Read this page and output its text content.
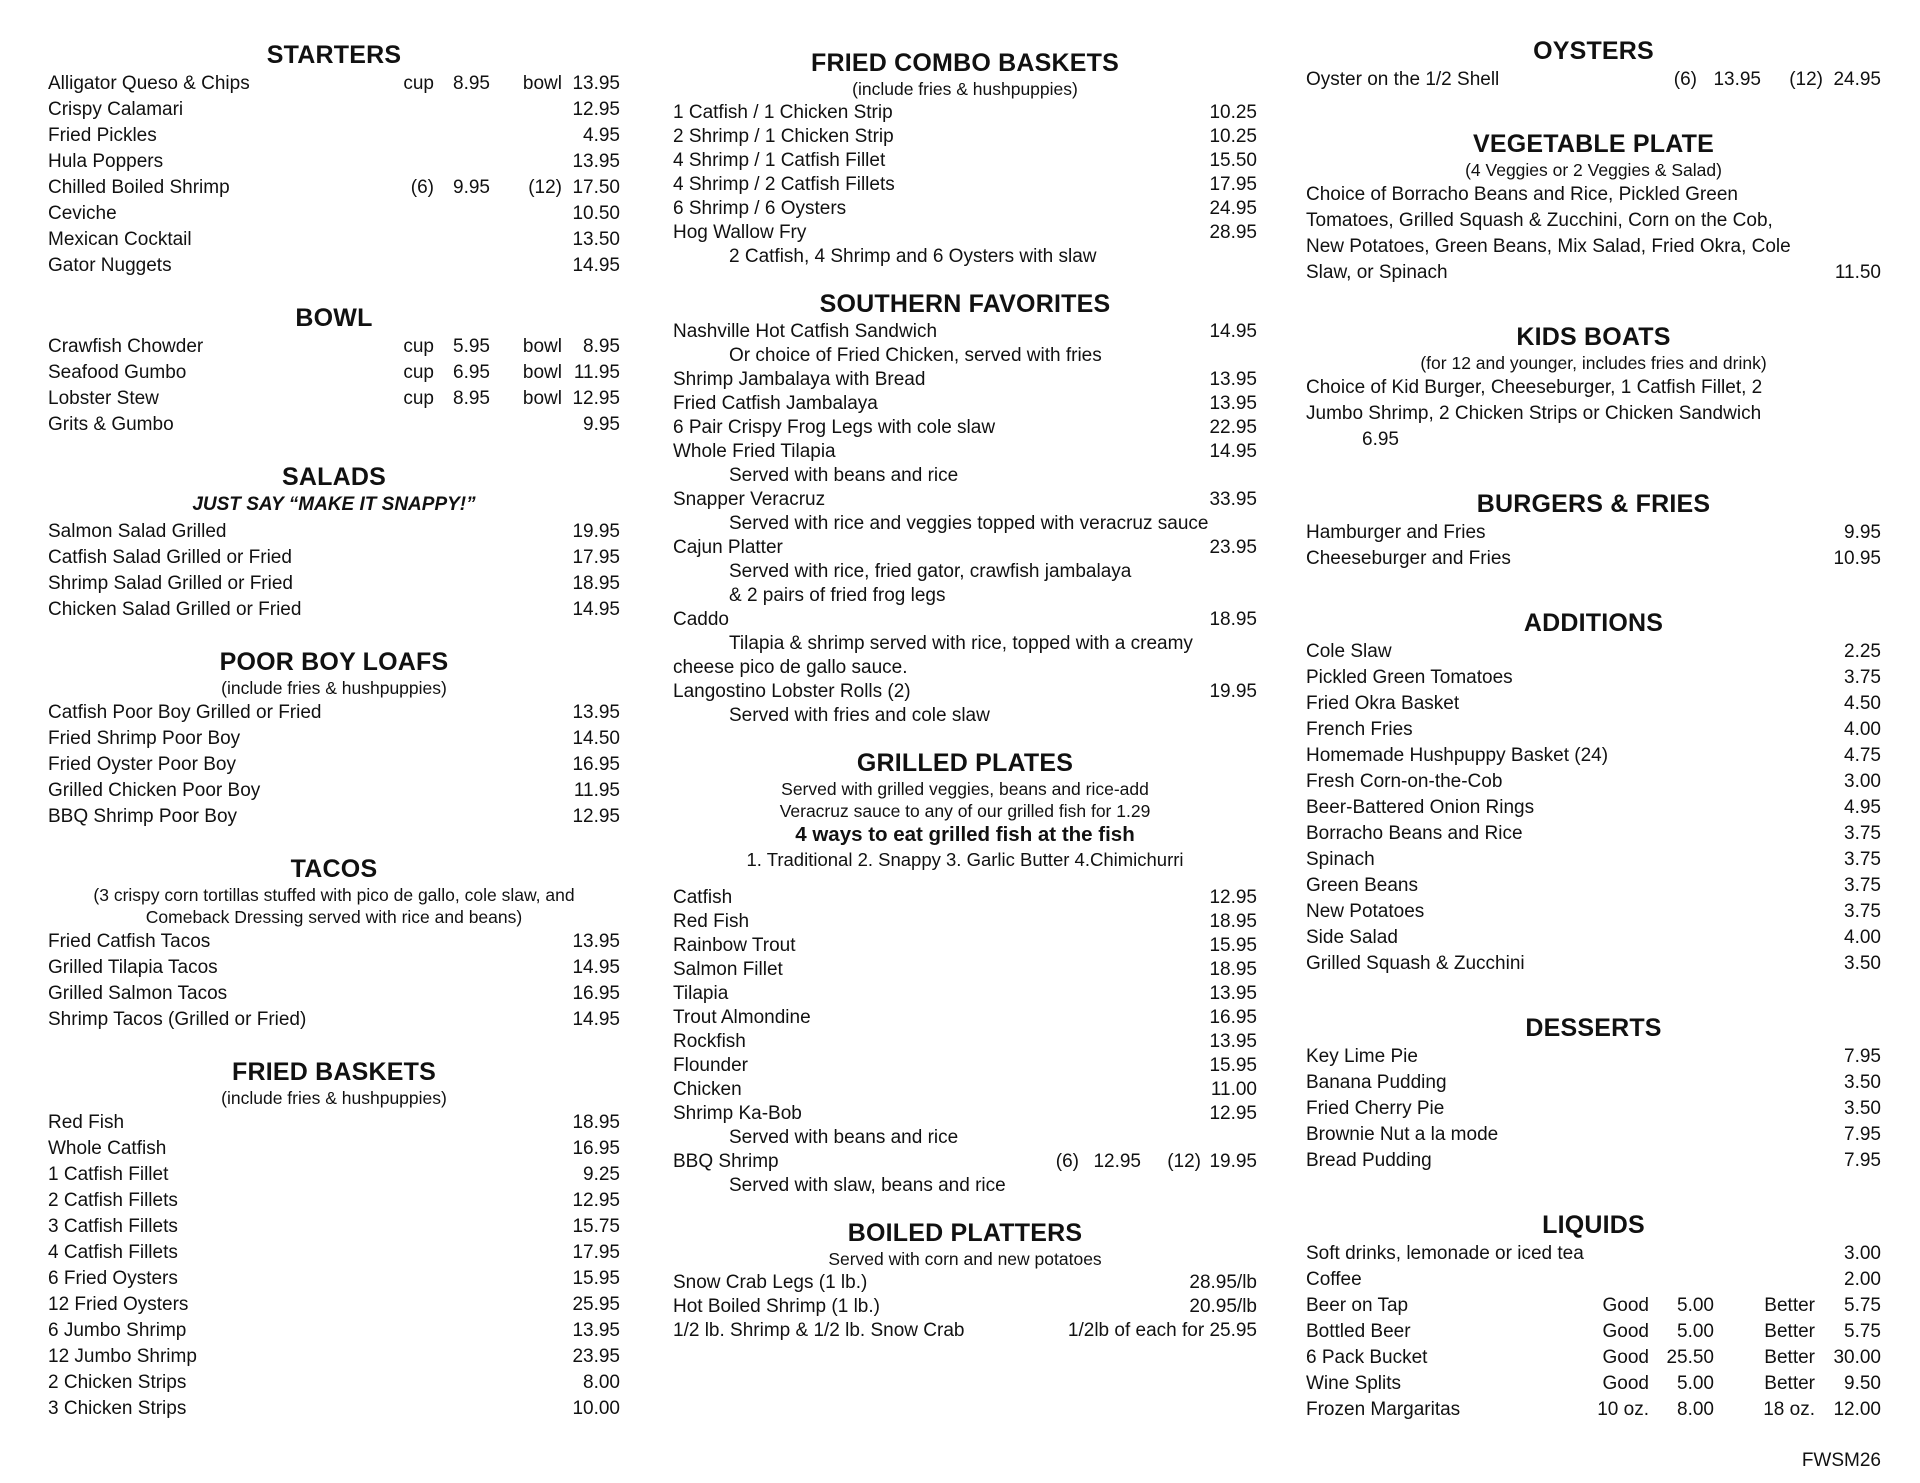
STARTERS
Alligator Queso & Chips	cup	8.95	bowl 13.95
Crispy Calamari	12.95
Fried Pickles	4.95
Hula Poppers	13.95
Chilled Boiled Shrimp	(6)	9.95	(12) 17.50
Ceviche	10.50
Mexican Cocktail	13.50
Gator Nuggets	14.95
BOWL
Crawfish Chowder	cup	5.95	bowl	8.95
Seafood Gumbo	cup	6.95	bowl 11.95
Lobster Stew	cup	8.95	bowl 12.95
Grits & Gumbo	9.95
SALADS
JUST SAY “MAKE IT SNAPPY!”
Salmon Salad Grilled	19.95
Catfish Salad Grilled or Fried	17.95
Shrimp Salad Grilled or Fried	18.95
Chicken Salad Grilled or Fried	14.95
POOR BOY LOAFS
(include fries & hushpuppies)
Catfish Poor Boy Grilled or Fried	13.95
Fried Shrimp Poor Boy	14.50
Fried Oyster Poor Boy	16.95
Grilled Chicken Poor Boy	11.95
BBQ Shrimp Poor Boy	12.95
TACOS
(3 crispy corn tortillas stuffed with pico de gallo, cole slaw, and
Comeback Dressing served with rice and beans)
Fried Catfish Tacos	13.95
Grilled Tilapia Tacos	14.95
Grilled Salmon Tacos	16.95
Shrimp Tacos (Grilled or Fried)	14.95
FRIED BASKETS
(include fries & hushpuppies)
Red Fish	18.95
Whole Catfish	16.95
1 Catfish Fillet	9.25
2 Catfish Fillets	12.95
3 Catfish Fillets	15.75
4 Catfish Fillets	17.95
6 Fried Oysters	15.95
12 Fried Oysters	25.95
6 Jumbo Shrimp	13.95
12 Jumbo Shrimp	23.95
2 Chicken Strips	8.00
3 Chicken Strips	10.00
FRIED COMBO BASKETS
(include fries & hushpuppies)
1 Catfish / 1 Chicken Strip	10.25
2 Shrimp / 1 Chicken Strip	10.25
4 Shrimp / 1 Catfish Fillet	15.50
4 Shrimp / 2 Catfish Fillets	17.95
6 Shrimp / 6 Oysters	24.95
Hog Wallow Fry	28.95
2 Catfish, 4 Shrimp and 6 Oysters with slaw
SOUTHERN FAVORITES
Nashville Hot Catfish Sandwich	14.95
Or choice of Fried Chicken, served with fries
Shrimp Jambalaya with Bread	13.95
Fried Catfish Jambalaya	13.95
6 Pair Crispy Frog Legs with cole slaw	22.95
Whole Fried Tilapia	14.95
Served with beans and rice
Snapper Veracruz	33.95
Served with rice and veggies topped with veracruz sauce
Cajun Platter	23.95
Served with rice, fried gator, crawfish jambalaya
& 2 pairs of fried frog legs
Caddo	18.95
Tilapia & shrimp served with rice, topped with a creamy
cheese pico de gallo sauce.
Langostino Lobster Rolls (2)	19.95
Served with fries and cole slaw
GRILLED PLATES
Served with grilled veggies, beans and rice-add
Veracruz sauce to any of our grilled fish for 1.29
4 ways to eat grilled fish at the fish
1. Traditional 2. Snappy 3. Garlic Butter 4.Chimichurri
Catfish	12.95
Red Fish	18.95
Rainbow Trout	15.95
Salmon Fillet	18.95
Tilapia	13.95
Trout Almondine	16.95
Rockfish	13.95
Flounder	15.95
Chicken	11.00
Shrimp Ka-Bob	12.95
Served with beans and rice
BBQ Shrimp	(6) 12.95	(12) 19.95
Served with slaw, beans and rice
BOILED PLATTERS
Served with corn and new potatoes
Snow Crab Legs (1 lb.)	28.95/lb
Hot Boiled Shrimp (1 lb.)	20.95/lb
1/2 lb. Shrimp & 1/2 lb. Snow Crab	1/2lb of each for 25.95
OYSTERS
Oyster on the 1/2 Shell	(6) 13.95	(12) 24.95
VEGETABLE PLATE
(4 Veggies or 2 Veggies & Salad)
Choice of Borracho Beans and Rice, Pickled Green
Tomatoes, Grilled Squash & Zucchini, Corn on the Cob,
New Potatoes, Green Beans, Mix Salad, Fried Okra, Cole
Slaw, or Spinach	11.50
KIDS BOATS
(for 12 and younger, includes fries and drink)
Choice of Kid Burger, Cheeseburger, 1 Catfish Fillet, 2
Jumbo Shrimp, 2 Chicken Strips or Chicken Sandwich
6.95
BURGERS & FRIES
Hamburger and Fries	9.95
Cheeseburger and Fries	10.95
ADDITIONS
Cole Slaw	2.25
Pickled Green Tomatoes	3.75
Fried Okra Basket	4.50
French Fries	4.00
Homemade Hushpuppy Basket (24)	4.75
Fresh Corn-on-the-Cob	3.00
Beer-Battered Onion Rings	4.95
Borracho Beans and Rice	3.75
Spinach	3.75
Green Beans	3.75
New Potatoes	3.75
Side Salad	4.00
Grilled Squash & Zucchini	3.50
DESSERTS
Key Lime Pie	7.95
Banana Pudding	3.50
Fried Cherry Pie	3.50
Brownie Nut a la mode	7.95
Bread Pudding	7.95
LIQUIDS
Soft drinks, lemonade or iced tea	3.00
Coffee	2.00
Beer on Tap	Good	5.00	Better	5.75
Bottled Beer	Good	5.00	Better	5.75
6 Pack Bucket	Good 25.50	Better 30.00
Wine Splits	Good	5.00	Better	9.50
Frozen Margaritas	10 oz.	8.00	18 oz. 12.00
FWSM26
